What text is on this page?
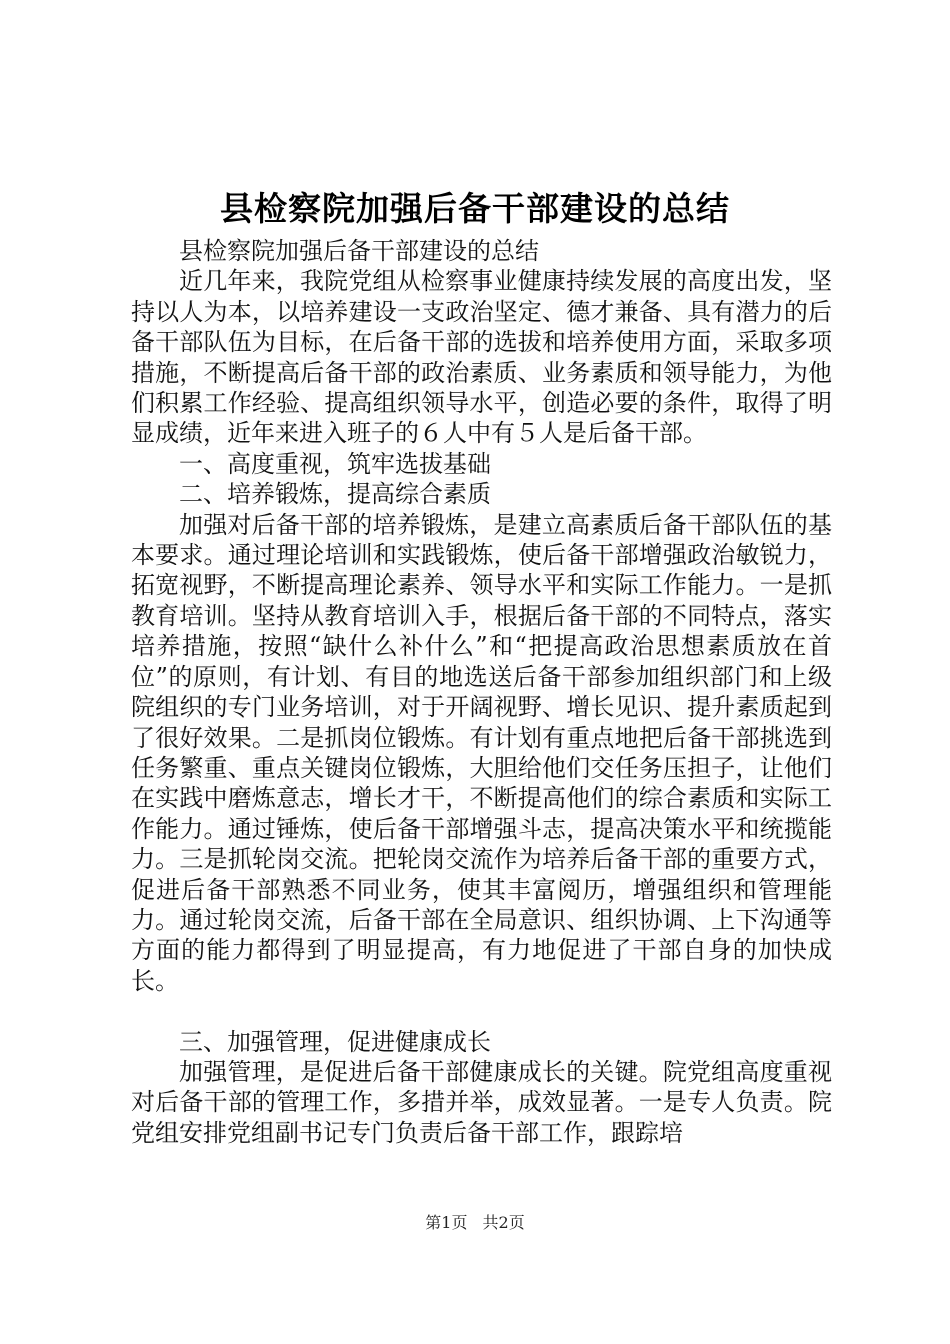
县检察院加强后备干部建设的总结

县检察院加强后备干部建设的总结

近几年来，我院党组从检察事业健康持续发展的高度出发，坚持以人为本，以培养建设一支政治坚定、德才兼备、具有潜力的后备干部队伍为目标，在后备干部的选拔和培养使用方面，采取多项措施，不断提高后备干部的政治素质、业务素质和领导能力，为他们积累工作经验、提高组织领导水平，创造必要的条件，取得了明显成绩，近年来进入班子的６人中有５人是后备干部。

一、高度重视，筑牢选拔基础

二、培养锻炼，提高综合素质

加强对后备干部的培养锻炼，是建立高素质后备干部队伍的基本要求。通过理论培训和实践锻炼，使后备干部增强政治敏锐力，拓宽视野，不断提高理论素养、领导水平和实际工作能力。一是抓教育培训。坚持从教育培训入手，根据后备干部的不同特点，落实培养措施，按照“缺什么补什么”和“把提高政治思想素质放在首位”的原则，有计划、有目的地选送后备干部参加组织部门和上级院组织的专门业务培训，对于开阔视野、增长见识、提升素质起到了很好效果。二是抓岗位锻炼。有计划有重点地把后备干部挑选到任务繁重、重点关键岗位锻炼，大胆给他们交任务压担子，让他们在实践中磨炼意志，增长才干，不断提高他们的综合素质和实际工作能力。通过锤炼，使后备干部增强斗志，提高决策水平和统揽能力。三是抓轮岗交流。把轮岗交流作为培养后备干部的重要方式，促进后备干部熟悉不同业务，使其丰富阅历，增强组织和管理能力。通过轮岗交流，后备干部在全局意识、组织协调、上下沟通等方面的能力都得到了明显提高，有力地促进了干部自身的加快成长。

三、加强管理，促进健康成长

加强管理，是促进后备干部健康成长的关键。院党组高度重视对后备干部的管理工作，多措并举，成效显著。一是专人负责。院党组安排党组副书记专门负责后备干部工作，跟踪培

第1页 共2页
